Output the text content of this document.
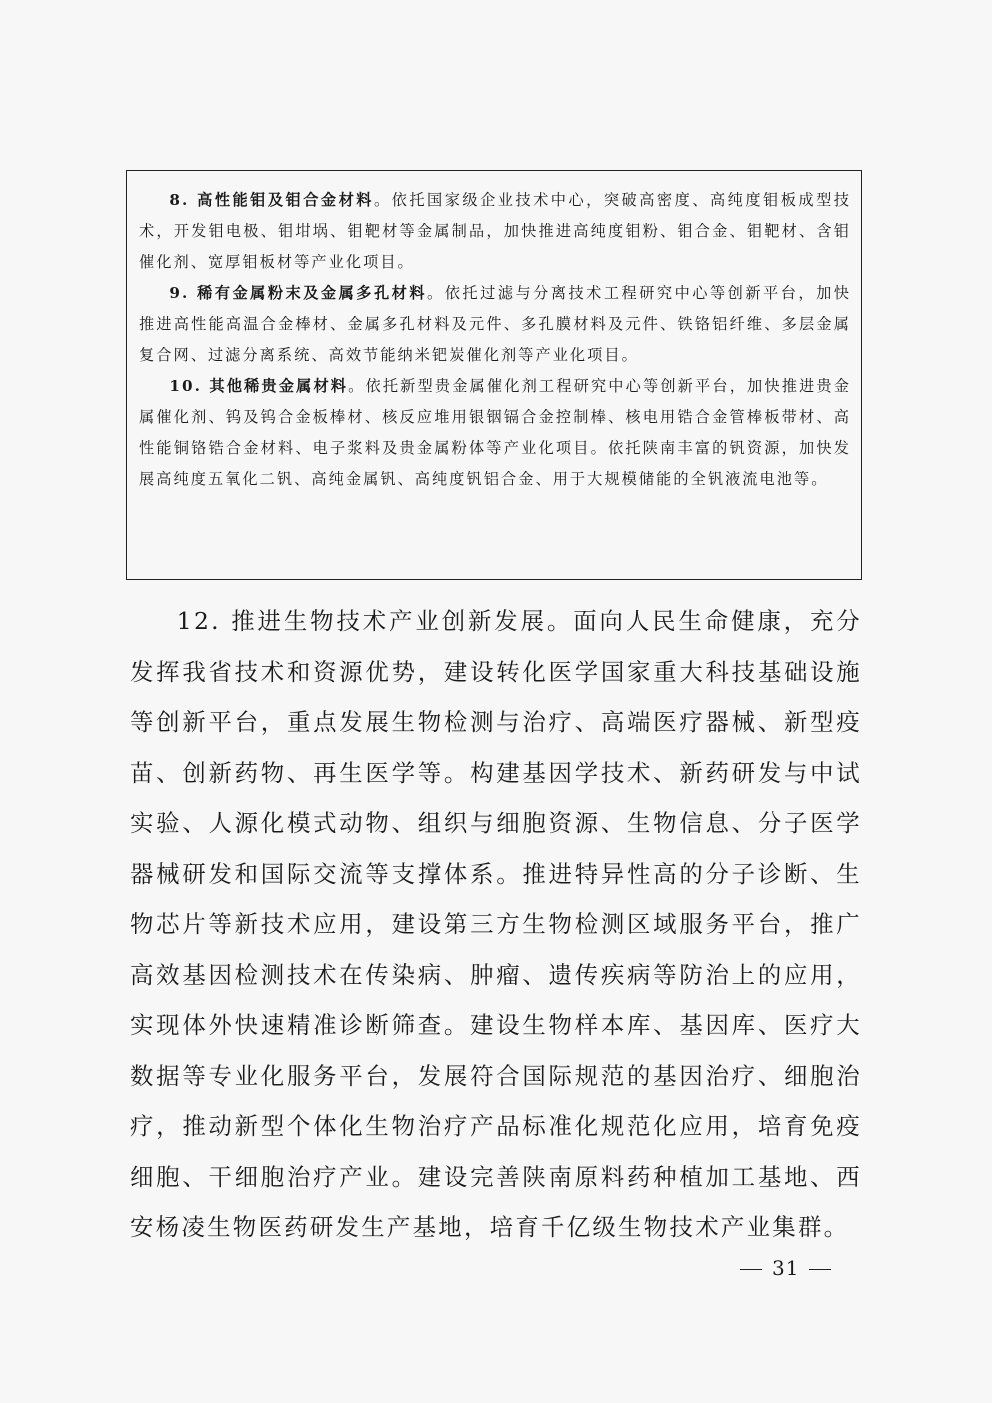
8. 高性能钼及钼合金材料。依托国家级企业技术中心，突破高密度、高纯度钼板成型技术，开发钼电极、钼坩埚、钼靶材等金属制品，加快推进高纯度钼粉、钼合金、钼靶材、含钼催化剂、宽厚钼板材等产业化项目。

9. 稀有金属粉末及金属多孔材料。依托过滤与分离技术工程研究中心等创新平台，加快推进高性能高温合金棒材、金属多孔材料及元件、多孔膜材料及元件、铁铬铝纤维、多层金属复合网、过滤分离系统、高效节能纳米钯炭催化剂等产业化项目。

10. 其他稀贵金属材料。依托新型贵金属催化剂工程研究中心等创新平台，加快推进贵金属催化剂、钨及钨合金板棒材、核反应堆用银铟镉合金控制棒、核电用锆合金管棒板带材、高性能铜铬锆合金材料、电子浆料及贵金属粉体等产业化项目。依托陕南丰富的钒资源，加快发展高纯度五氧化二钒、高纯金属钒、高纯度钒铝合金、用于大规模储能的全钒液流电池等。

12. 推进生物技术产业创新发展。面向人民生命健康，充分发挥我省技术和资源优势，建设转化医学国家重大科技基础设施等创新平台，重点发展生物检测与治疗、高端医疗器械、新型疫苗、创新药物、再生医学等。构建基因学技术、新药研发与中试实验、人源化模式动物、组织与细胞资源、生物信息、分子医学器械研发和国际交流等支撑体系。推进特异性高的分子诊断、生物芯片等新技术应用，建设第三方生物检测区域服务平台，推广高效基因检测技术在传染病、肿瘤、遗传疾病等防治上的应用，实现体外快速精准诊断筛查。建设生物样本库、基因库、医疗大数据等专业化服务平台，发展符合国际规范的基因治疗、细胞治疗，推动新型个体化生物治疗产品标准化规范化应用，培育免疫细胞、干细胞治疗产业。建设完善陕南原料药种植加工基地、西安杨凌生物医药研发生产基地，培育千亿级生物技术产业集群。

31
